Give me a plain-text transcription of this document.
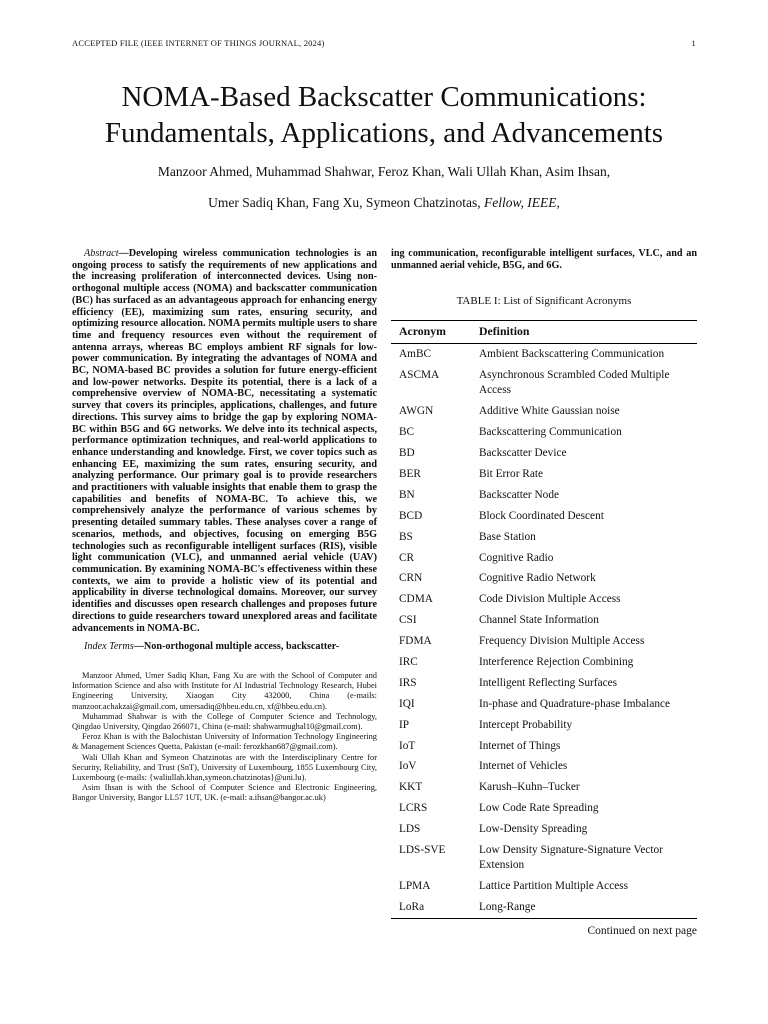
ACCEPTED FILE (IEEE INTERNET OF THINGS JOURNAL, 2024)	1
NOMA-Based Backscatter Communications:
Fundamentals, Applications, and Advancements
Manzoor Ahmed, Muhammad Shahwar, Feroz Khan, Wali Ullah Khan, Asim Ihsan,
Umer Sadiq Khan, Fang Xu, Symeon Chatzinotas, Fellow, IEEE,

Abstract—Developing wireless communication technologies is an ongoing process to satisfy the requirements of new applications and the increasing proliferation of interconnected devices. Using non-orthogonal multiple access (NOMA) and backscatter communication (BC) has surfaced as an advantageous approach for enhancing energy efficiency (EE), maximizing sum rates, ensuring security, and optimizing resource allocation. NOMA permits multiple users to share time and frequency resources even without the requirement of antenna arrays, whereas BC employs ambient RF signals for low-power communication. By integrating the advantages of NOMA and BC, NOMA-based BC provides a solution for future energy-efficient and low-power networks. Despite its potential, there is a lack of a comprehensive overview of NOMA-BC, necessitating a systematic survey that covers its principles, applications, challenges, and future directions. This survey aims to bridge the gap by exploring NOMA-BC within B5G and 6G networks. We delve into its technical aspects, performance optimization techniques, and real-world applications to enhance understanding and knowledge. First, we cover topics such as enhancing EE, maximizing the sum rates, ensuring security, and analyzing performance. Our primary goal is to provide researchers and practitioners with valuable insights that enable them to grasp the capabilities and benefits of NOMA-BC. To achieve this, we comprehensively analyze the performance of various schemes by presenting detailed summary tables. These analyses cover a range of scenarios, methods, and objectives, focusing on emerging B5G technologies such as reconfigurable intelligent surfaces (RIS), visible light communication (VLC), and unmanned aerial vehicle (UAV) communication. By examining NOMA-BC's effectiveness within these contexts, we aim to provide a holistic view of its potential and applicability in diverse technological domains. Moreover, our survey identifies and discusses open research challenges and proposes future directions to guide researchers toward unexplored areas and facilitate advancements in NOMA-BC.

Index Terms—Non-orthogonal multiple access, backscatter-

Manzoor Ahmed, Umer Sadiq Khan, Fang Xu are with the School of Computer and Information Science and also with Institute for AI Industrial Technology Research, Hubei Engineering University, Xiaogan City 432000, China (e-mails: manzoor.achakzai@gmail.com, umersadiq@hbeu.edu.cn, xf@hbeu.edu.cn).

Muhammad Shahwar is with the College of Computer Science and Technology, Qingdao University, Qingdao 266071, China (e-mail: shahwarmughal10@gmail.com).

Feroz Khan is with the Balochistan University of Information Technology Engineering & Management Sciences Quetta, Pakistan (e-mail: ferozkhan687@gmail.com).

Wali Ullah Khan and Symeon Chatzinotas are with the Interdisciplinary Centre for Security, Reliability, and Trust (SnT), University of Luxembourg, 1855 Luxembourg City, Luxembourg (e-mails: {waliullah.khan,symeon.chatzinotas}@uni.lu).

Asim Ihsan is with the School of Computer Science and Electronic Engineering, Bangor University, Bangor LL57 1UT, UK. (e-mail: a.ihsan@bangor.ac.uk)

ing communication, reconfigurable intelligent surfaces, VLC, and an unmanned aerial vehicle, B5G, and 6G.

TABLE I: List of Significant Acronyms
Acronym	Definition
AmBC	Ambient Backscattering Communication
ASCMA	Asynchronous Scrambled Coded Multiple Access
AWGN	Additive White Gaussian noise
BC	Backscattering Communication
BD	Backscatter Device
BER	Bit Error Rate
BN	Backscatter Node
BCD	Block Coordinated Descent
BS	Base Station
CR	Cognitive Radio
CRN	Cognitive Radio Network
CDMA	Code Division Multiple Access
CSI	Channel State Information
FDMA	Frequency Division Multiple Access
IRC	Interference Rejection Combining
IRS	Intelligent Reflecting Surfaces
IQI	In-phase and Quadrature-phase Imbalance
IP	Intercept Probability
IoT	Internet of Things
IoV	Internet of Vehicles
KKT	Karush–Kuhn–Tucker
LCRS	Low Code Rate Spreading
LDS	Low-Density Spreading
LDS-SVE	Low Density Signature-Signature Vector Extension
LPMA	Lattice Partition Multiple Access
LoRa	Long-Range
Continued on next page
